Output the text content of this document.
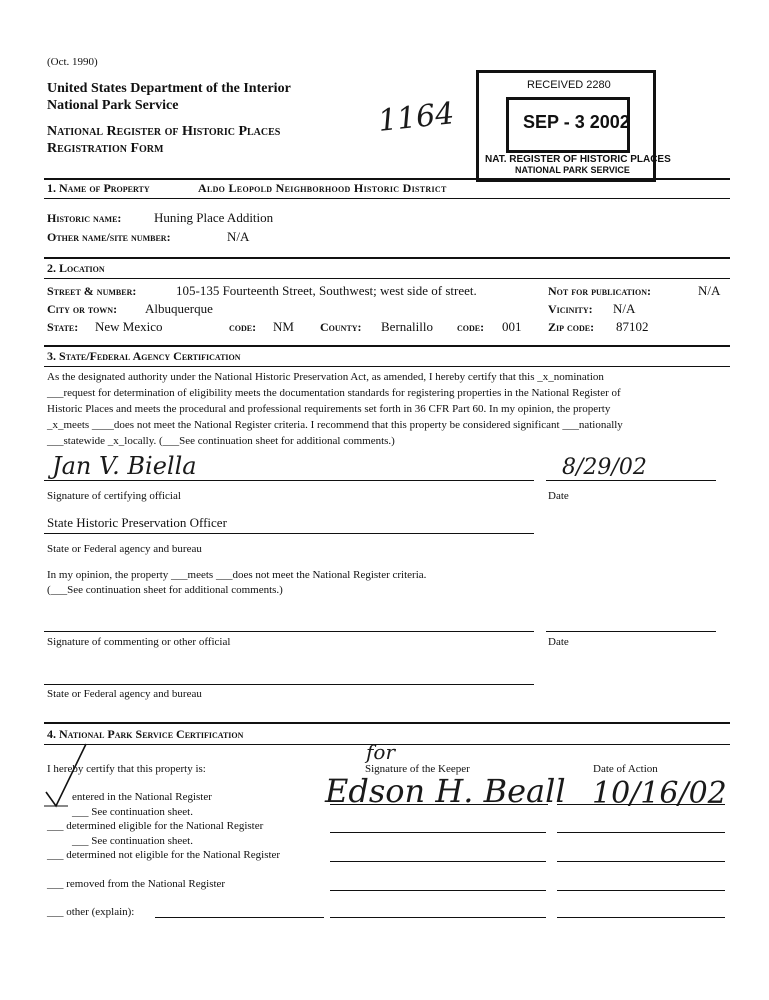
(Oct. 1990)
United States Department of the Interior
National Park Service
National Register of Historic Places
Registration Form
1164
RECEIVED 2280
SEP - 3 2002
NAT. REGISTER OF HISTORIC PLACES
NATIONAL PARK SERVICE
1. Name of Property	Aldo Leopold Neighborhood Historic District
Historic name:	Huning Place Addition
Other name/site number:	N/A
2. Location
Street & number:	105-135 Fourteenth Street, Southwest; west side of street.	Not for publication:	N/A
City or town: Albuquerque	Vicinity: N/A
State: New Mexico	code: NM County: Bernalillo code: 001 Zip code: 87102
3. State/Federal Agency Certification
As the designated authority under the National Historic Preservation Act, as amended, I hereby certify that this _x_nomination
___request for determination of eligibility meets the documentation standards for registering properties in the National Register of
Historic Places and meets the procedural and professional requirements set forth in 36 CFR Part 60. In my opinion, the property
_x_meets ____does not meet the National Register criteria. I recommend that this property be considered significant ___nationally
___statewide _x_locally. (___See continuation sheet for additional comments.)
Jan V. Biella	8/29/02
Signature of certifying official	Date
State Historic Preservation Officer
State or Federal agency and bureau
In my opinion, the property ___meets ___does not meet the National Register criteria.
(___See continuation sheet for additional comments.)
Signature of commenting or other official	Date
State or Federal agency and bureau
4. National Park Service Certification
I hereby certify that this property is:	Signature of the Keeper	Date of Action
for
Edson H. Beall 10/16/02
entered in the National Register
___ See continuation sheet.
___ determined eligible for the National Register
___ See continuation sheet.
___ determined not eligible for the National Register
___ removed from the National Register
___ other (explain):
